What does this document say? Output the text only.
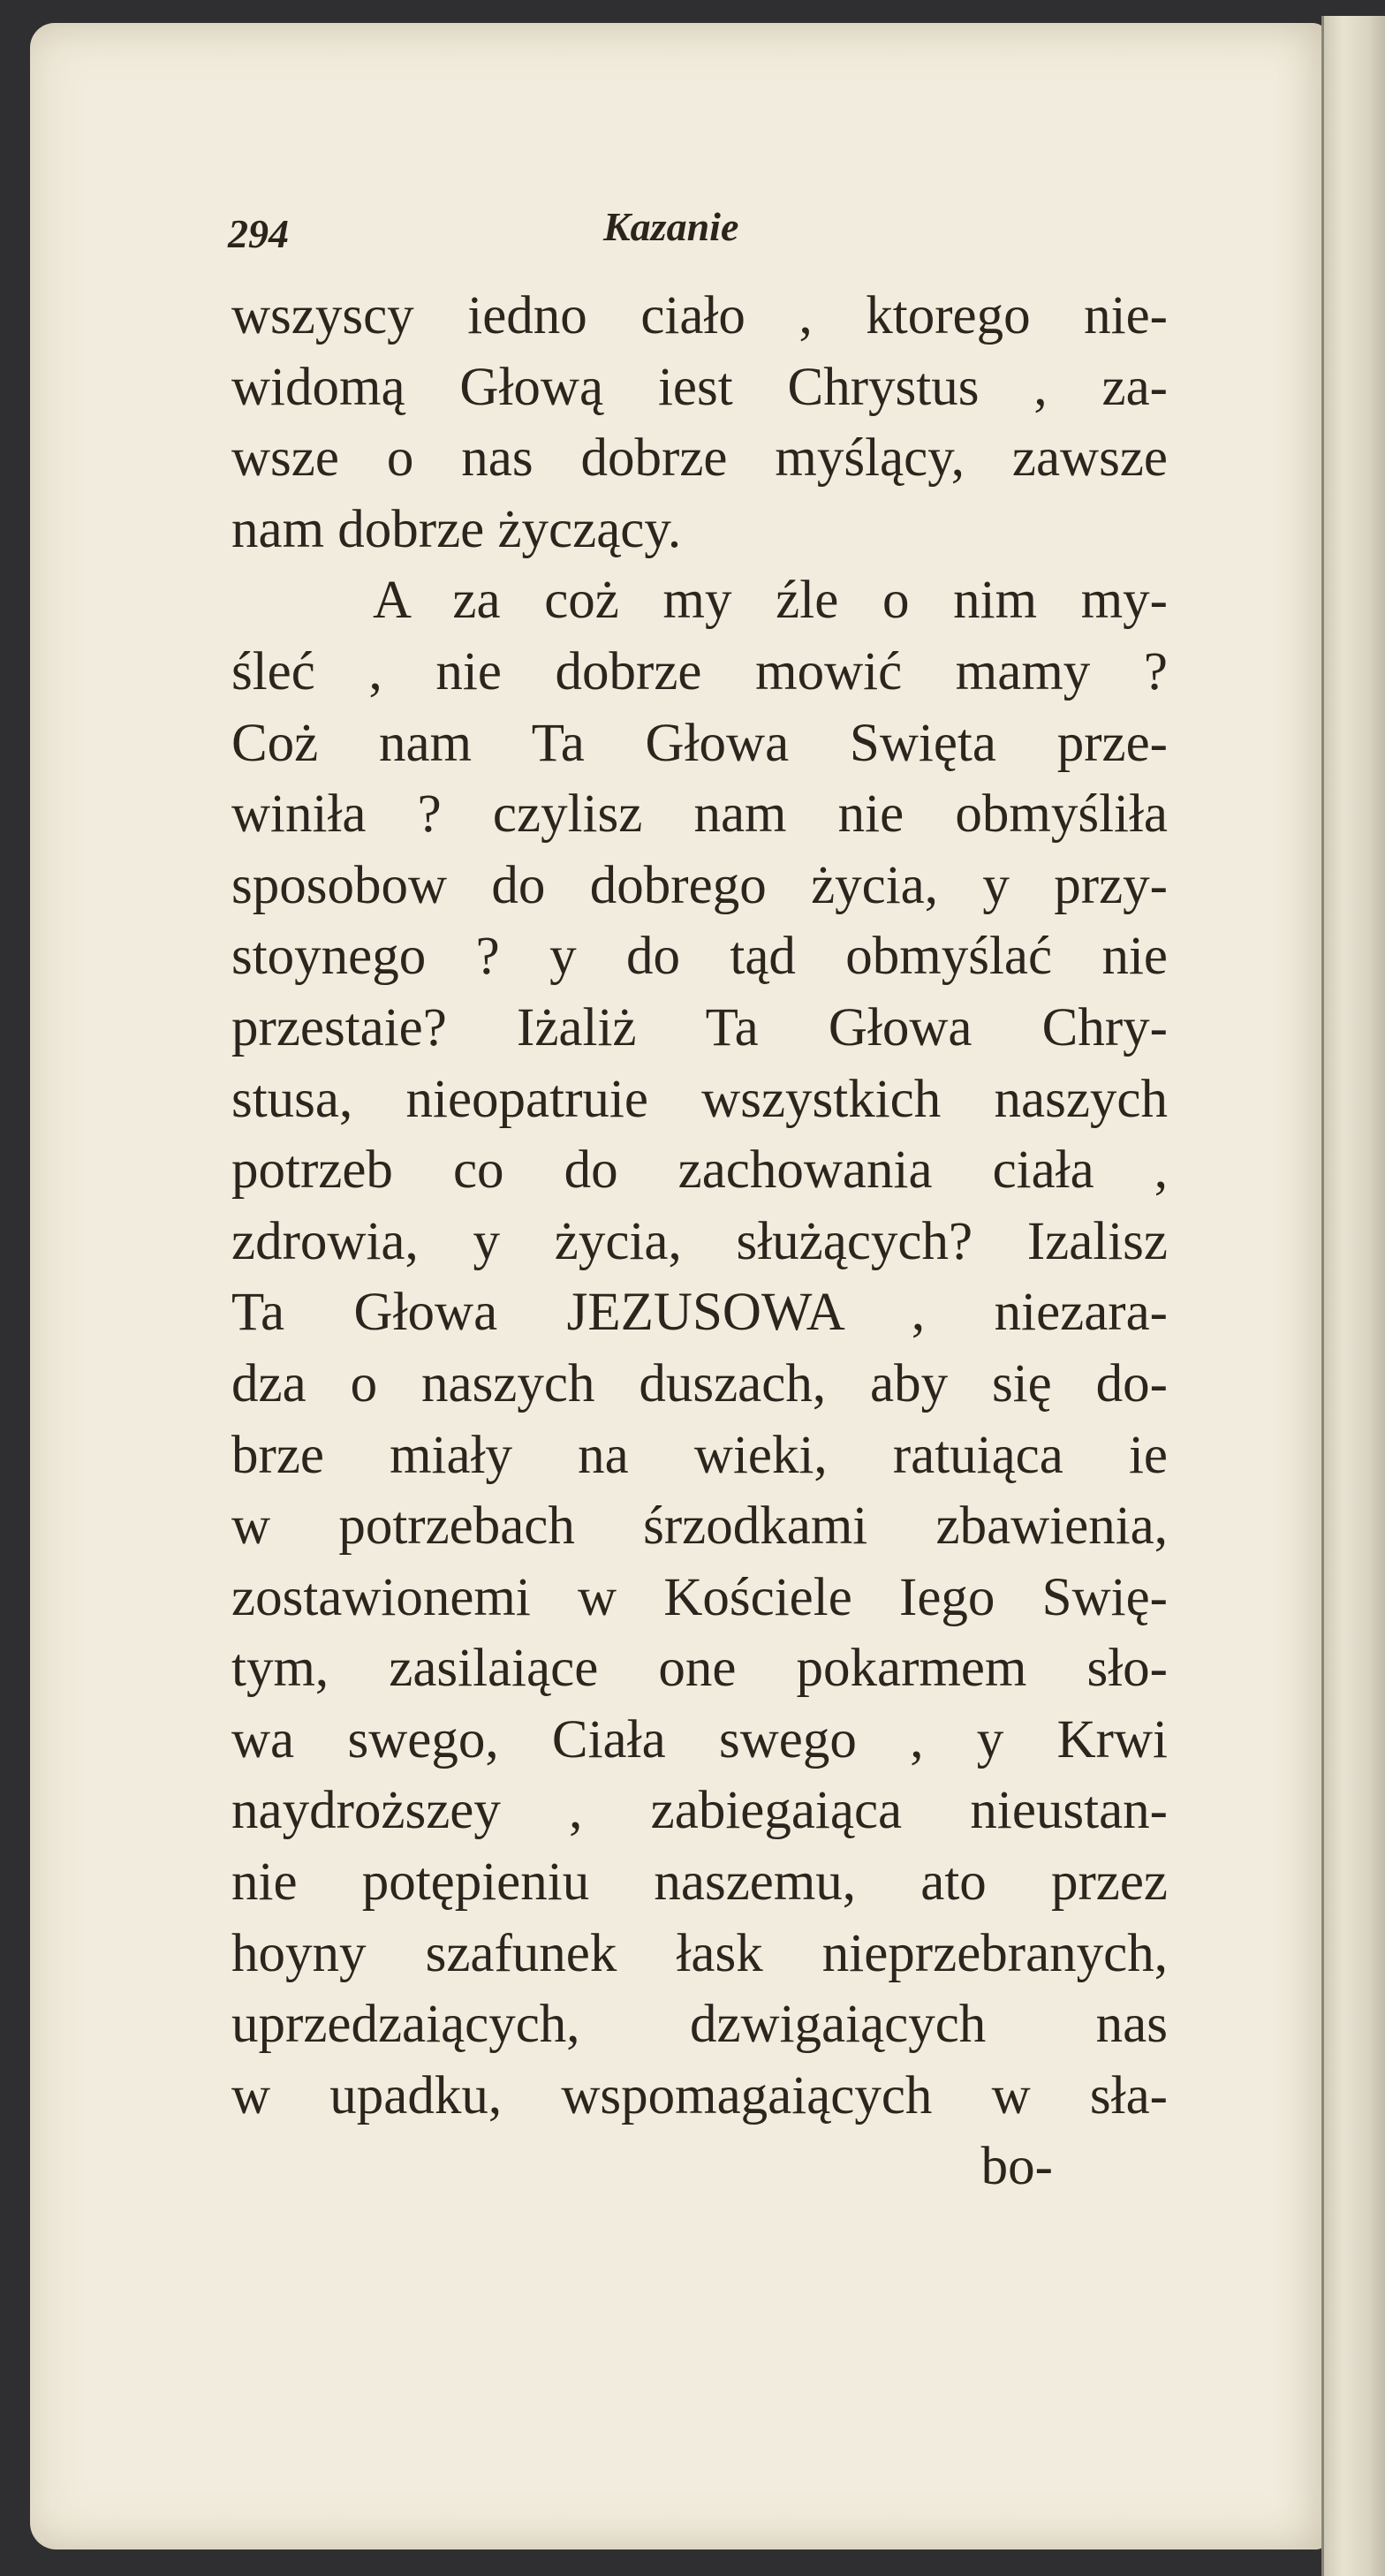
294	Kazanie
wszyscy iedno ciało , ktorego nie-
widomą Głową iest Chrystus , za-
wsze o nas dobrze myślący, zawsze
nam dobrze życzący.
A za coż my źle o nim my-
śleć , nie dobrze mowić mamy ?
Coż nam Ta Głowa Swięta prze-
winiła ? czylisz nam nie obmyśliła
sposobow do dobrego życia, y przy-
stoynego ? y do tąd obmyślać nie
przestaie? Iżaliż Ta Głowa Chry-
stusa, nieopatruie wszystkich naszych
potrzeb co do zachowania ciała ,
zdrowia, y życia, służących? Izalisz
Ta Głowa JEZUSOWA , niezara-
dza o naszych duszach, aby się do-
brze miały na wieki, ratuiąca ie
w potrzebach śrzodkami zbawienia,
zostawionemi w Kościele Iego Swię-
tym, zasilaiące one pokarmem sło-
wa swego, Ciała swego , y Krwi
naydroższey , zabiegaiąca nieustan-
nie potępieniu naszemu, ato przez
hoyny szafunek łask nieprzebranych,
uprzedzaiących, dzwigaiących nas
w upadku, wspomagaiących w sła-
bo-
